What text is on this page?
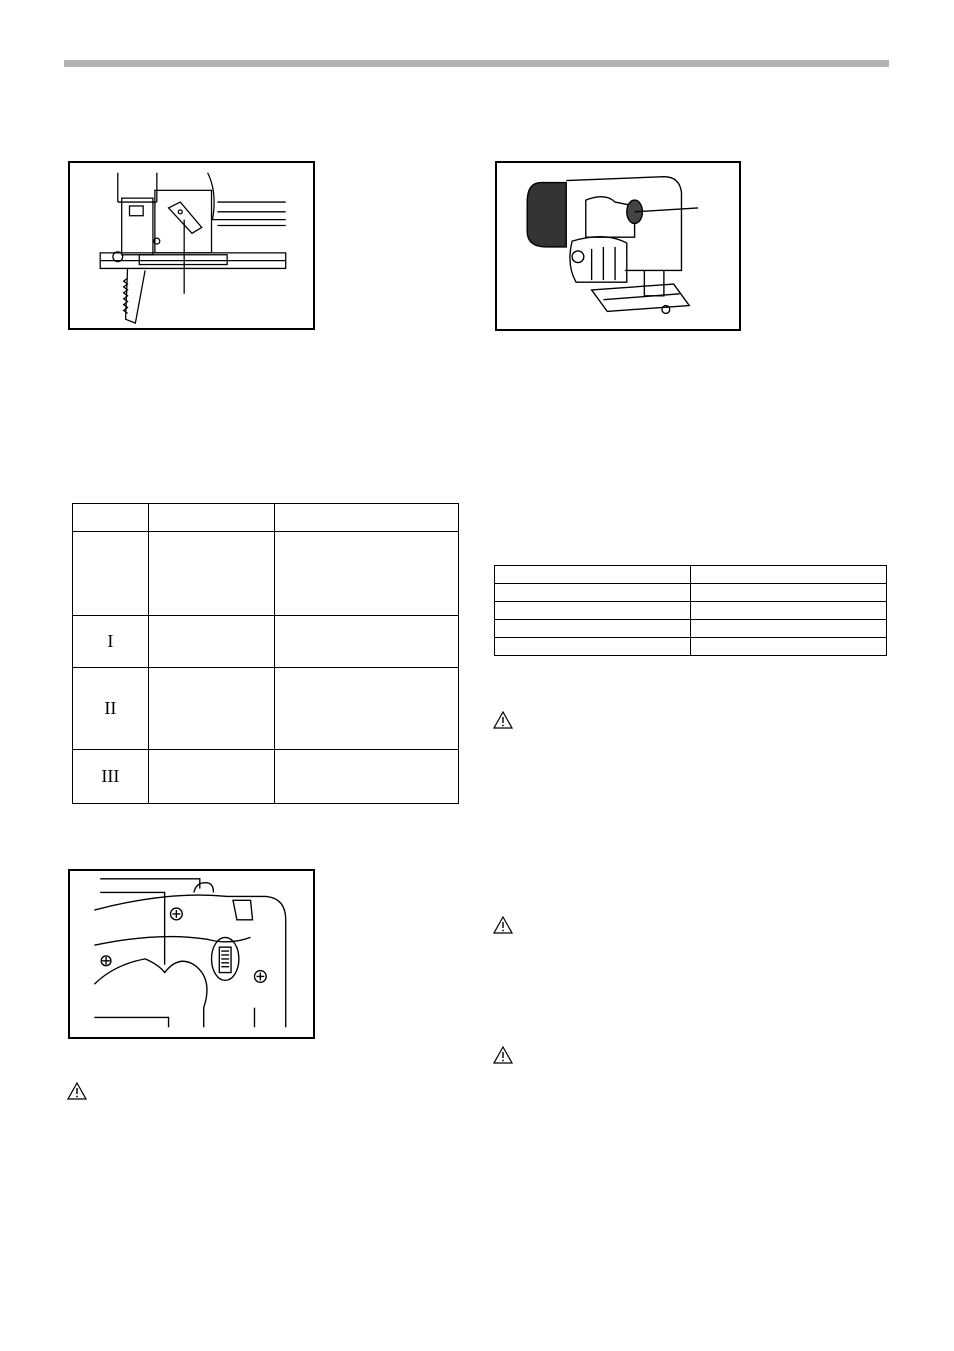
I		
II		
III		
